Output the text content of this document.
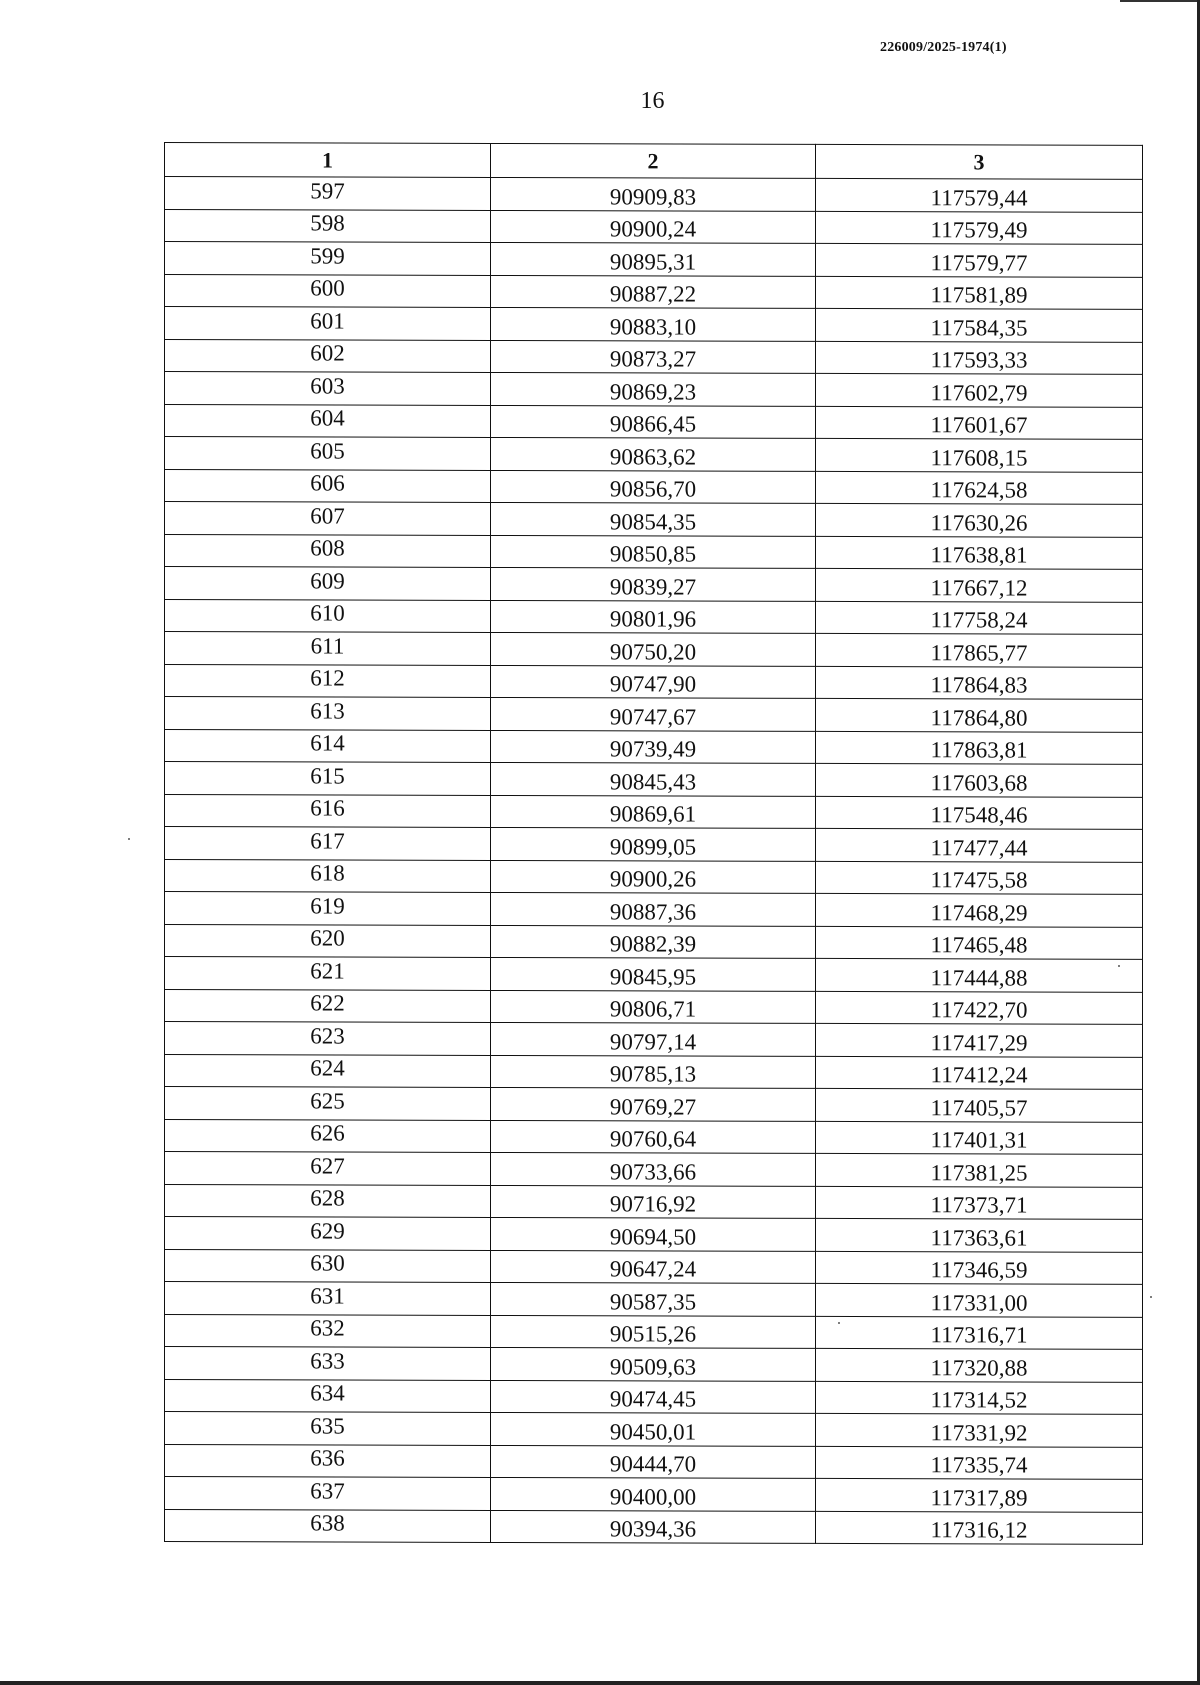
226009/2025-1974(1)
16
1	2	3
597	90909,83	117579,44
598	90900,24	117579,49
599	90895,31	117579,77
600	90887,22	117581,89
601	90883,10	117584,35
602	90873,27	117593,33
603	90869,23	117602,79
604	90866,45	117601,67
605	90863,62	117608,15
606	90856,70	117624,58
607	90854,35	117630,26
608	90850,85	117638,81
609	90839,27	117667,12
610	90801,96	117758,24
611	90750,20	117865,77
612	90747,90	117864,83
613	90747,67	117864,80
614	90739,49	117863,81
615	90845,43	117603,68
616	90869,61	117548,46
617	90899,05	117477,44
618	90900,26	117475,58
619	90887,36	117468,29
620	90882,39	117465,48
621	90845,95	117444,88
622	90806,71	117422,70
623	90797,14	117417,29
624	90785,13	117412,24
625	90769,27	117405,57
626	90760,64	117401,31
627	90733,66	117381,25
628	90716,92	117373,71
629	90694,50	117363,61
630	90647,24	117346,59
631	90587,35	117331,00
632	90515,26	117316,71
633	90509,63	117320,88
634	90474,45	117314,52
635	90450,01	117331,92
636	90444,70	117335,74
637	90400,00	117317,89
638	90394,36	117316,12
